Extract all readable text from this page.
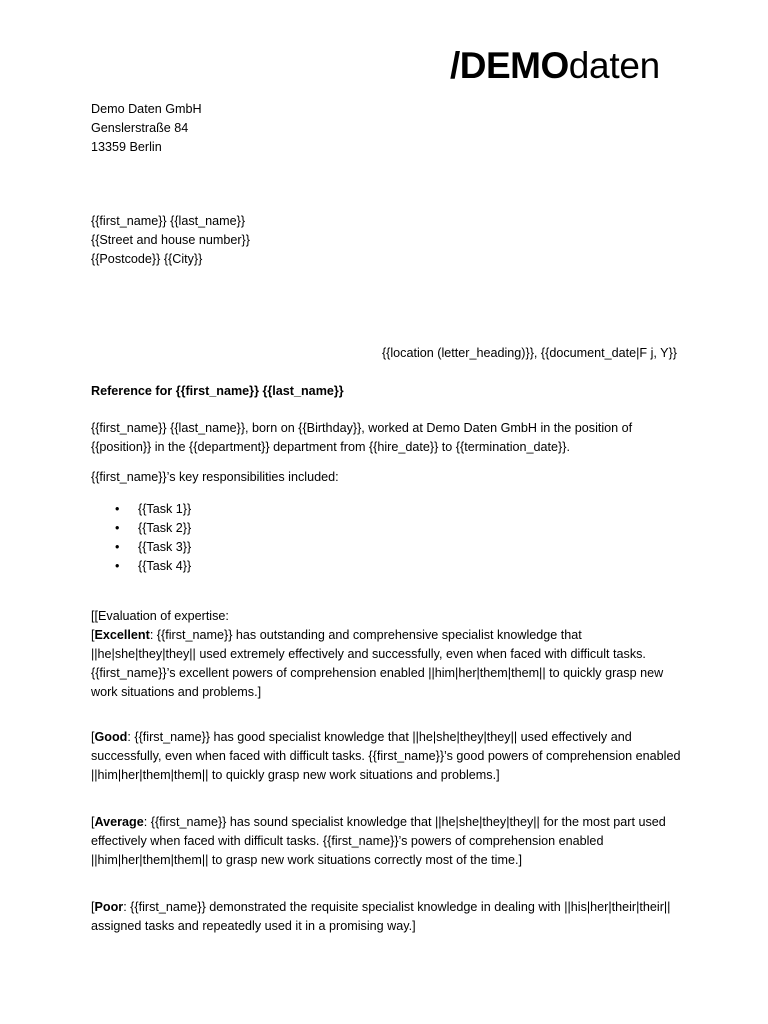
/DEMO daten

Demo Daten GmbH

Genslerstraße 84

13359 Berlin

{{first_name}} {{last_name}}

{{Street and house number}}

{{Postcode}} {{City}}

{{location (letter_heading)}}, {{document_date|F j, Y}}
Reference for {{first_name}} {{last_name}}
{{first_name}} {{last_name}}, born on {{Birthday}}, worked at Demo Daten GmbH in the position of {{position}} in the {{department}} department from {{hire_date}} to {{termination_date}}.
{{first_name}}’s key responsibilities included:
• {{Task 1}}
• {{Task 2}}
• {{Task 3}}
• {{Task 4}}

[[Evaluation of expertise:

[Excellent: {{first_name}} has outstanding and comprehensive specialist knowledge that ||he|she|they|they|| used extremely effectively and successfully, even when faced with difficult tasks. {{first_name}}’s excellent powers of comprehension enabled ||him|her|them|them|| to quickly grasp new work situations and problems.]

[Good: {{first_name}} has good specialist knowledge that ||he|she|they|they|| used effectively and successfully, even when faced with difficult tasks. {{first_name}}’s good powers of comprehension enabled ||him|her|them|them|| to quickly grasp new work situations and problems.]

[Average: {{first_name}} has sound specialist knowledge that ||he|she|they|they|| for the most part used effectively when faced with difficult tasks. {{first_name}}’s powers of comprehension enabled ||him|her|them|them|| to grasp new work situations correctly most of the time.]

[Poor: {{first_name}} demonstrated the requisite specialist knowledge in dealing with ||his|her|their|their|| assigned tasks and repeatedly used it in a promising way.]
